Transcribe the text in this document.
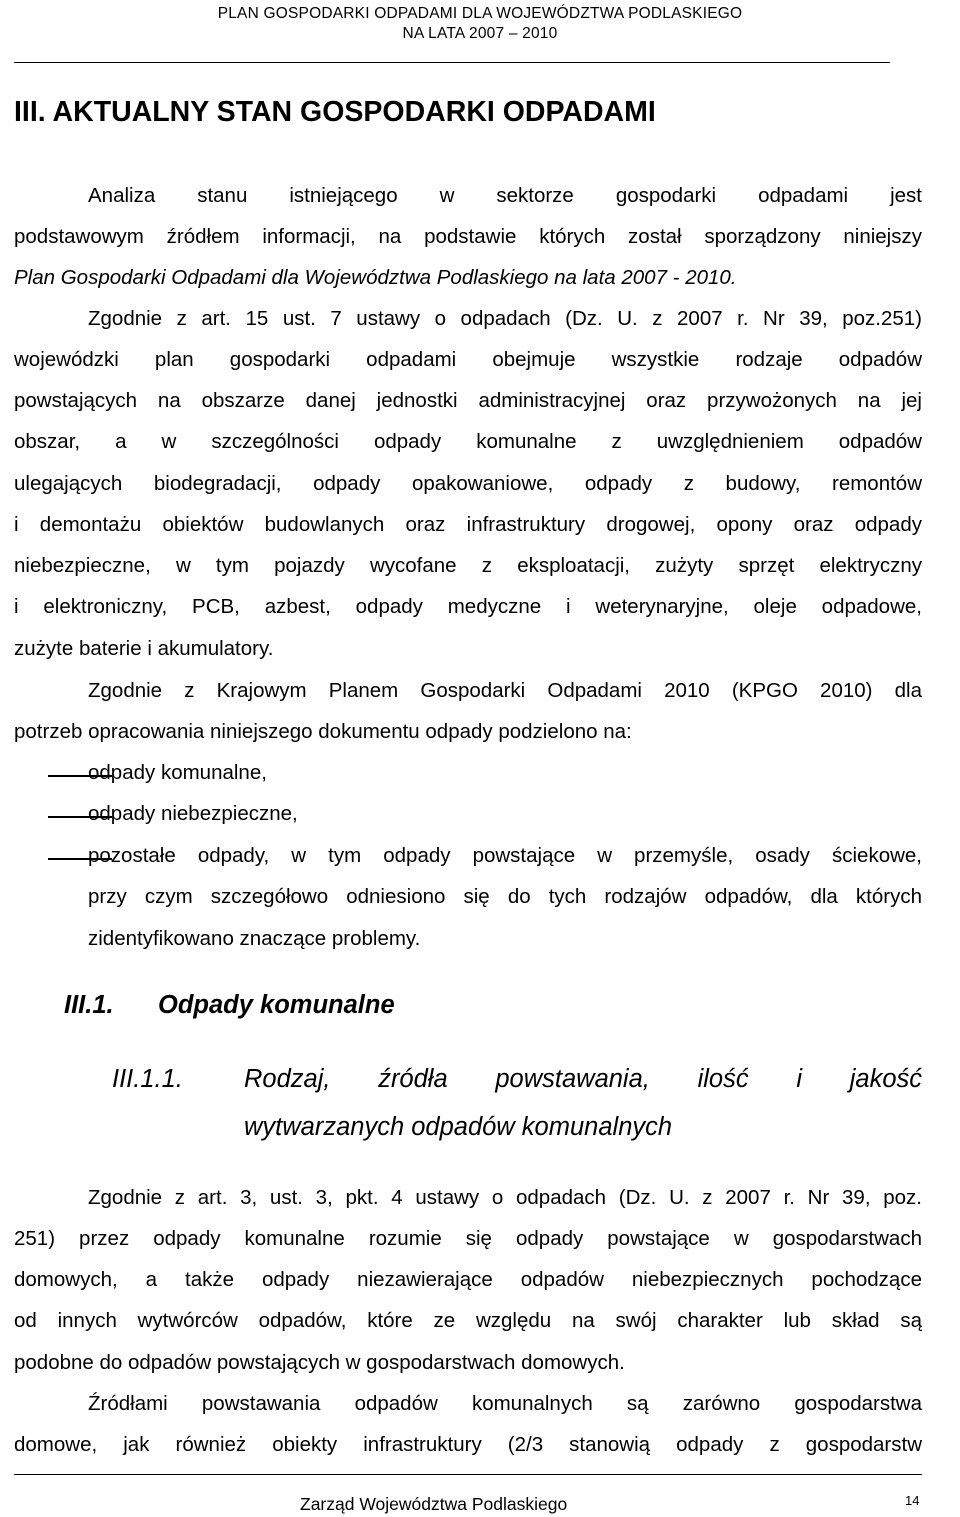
PLAN GOSPODARKI ODPADAMI DLA WOJEWÓDZTWA PODLASKIEGO
NA LATA 2007 – 2010
III. AKTUALNY STAN GOSPODARKI ODPADAMI
Analiza stanu istniejącego w sektorze gospodarki odpadami jest
podstawowym źródłem informacji, na podstawie których został sporządzony niniejszy
Plan Gospodarki Odpadami dla Województwa Podlaskiego na lata 2007 - 2010.
Zgodnie z art. 15 ust. 7 ustawy o odpadach (Dz. U. z 2007 r. Nr 39, poz.251)
wojewódzki plan gospodarki odpadami obejmuje wszystkie rodzaje odpadów
powstających na obszarze danej jednostki administracyjnej oraz przywożonych na jej
obszar, a w szczególności odpady komunalne z uwzględnieniem odpadów
ulegających biodegradacji, odpady opakowaniowe, odpady z budowy, remontów
i demontażu obiektów budowlanych oraz infrastruktury drogowej, opony oraz odpady
niebezpieczne, w tym pojazdy wycofane z eksploatacji, zużyty sprzęt elektryczny
i elektroniczny, PCB, azbest, odpady medyczne i weterynaryjne, oleje odpadowe,
zużyte baterie i akumulatory.
Zgodnie z Krajowym Planem Gospodarki Odpadami 2010 (KPGO 2010) dla
potrzeb opracowania niniejszego dokumentu odpady podzielono na:
odpady komunalne,
odpady niebezpieczne,
pozostałe odpady, w tym odpady powstające w przemyśle, osady ściekowe,
przy czym szczegółowo odniesiono się do tych rodzajów odpadów, dla których
zidentyfikowano znaczące problemy.
III.1. Odpady komunalne
III.1.1. Rodzaj, źródła powstawania, ilość i jakość
wytwarzanych odpadów komunalnych
Zgodnie z art. 3, ust. 3, pkt. 4 ustawy o odpadach (Dz. U. z 2007 r. Nr 39, poz.
251) przez odpady komunalne rozumie się odpady powstające w gospodarstwach
domowych, a także odpady niezawierające odpadów niebezpiecznych pochodzące
od innych wytwórców odpadów, które ze względu na swój charakter lub skład są
podobne do odpadów powstających w gospodarstwach domowych.
Źródłami powstawania odpadów komunalnych są zarówno gospodarstwa
domowe, jak również obiekty infrastruktury (2/3 stanowią odpady z gospodarstw
Zarząd Województwa Podlaskiego	14
